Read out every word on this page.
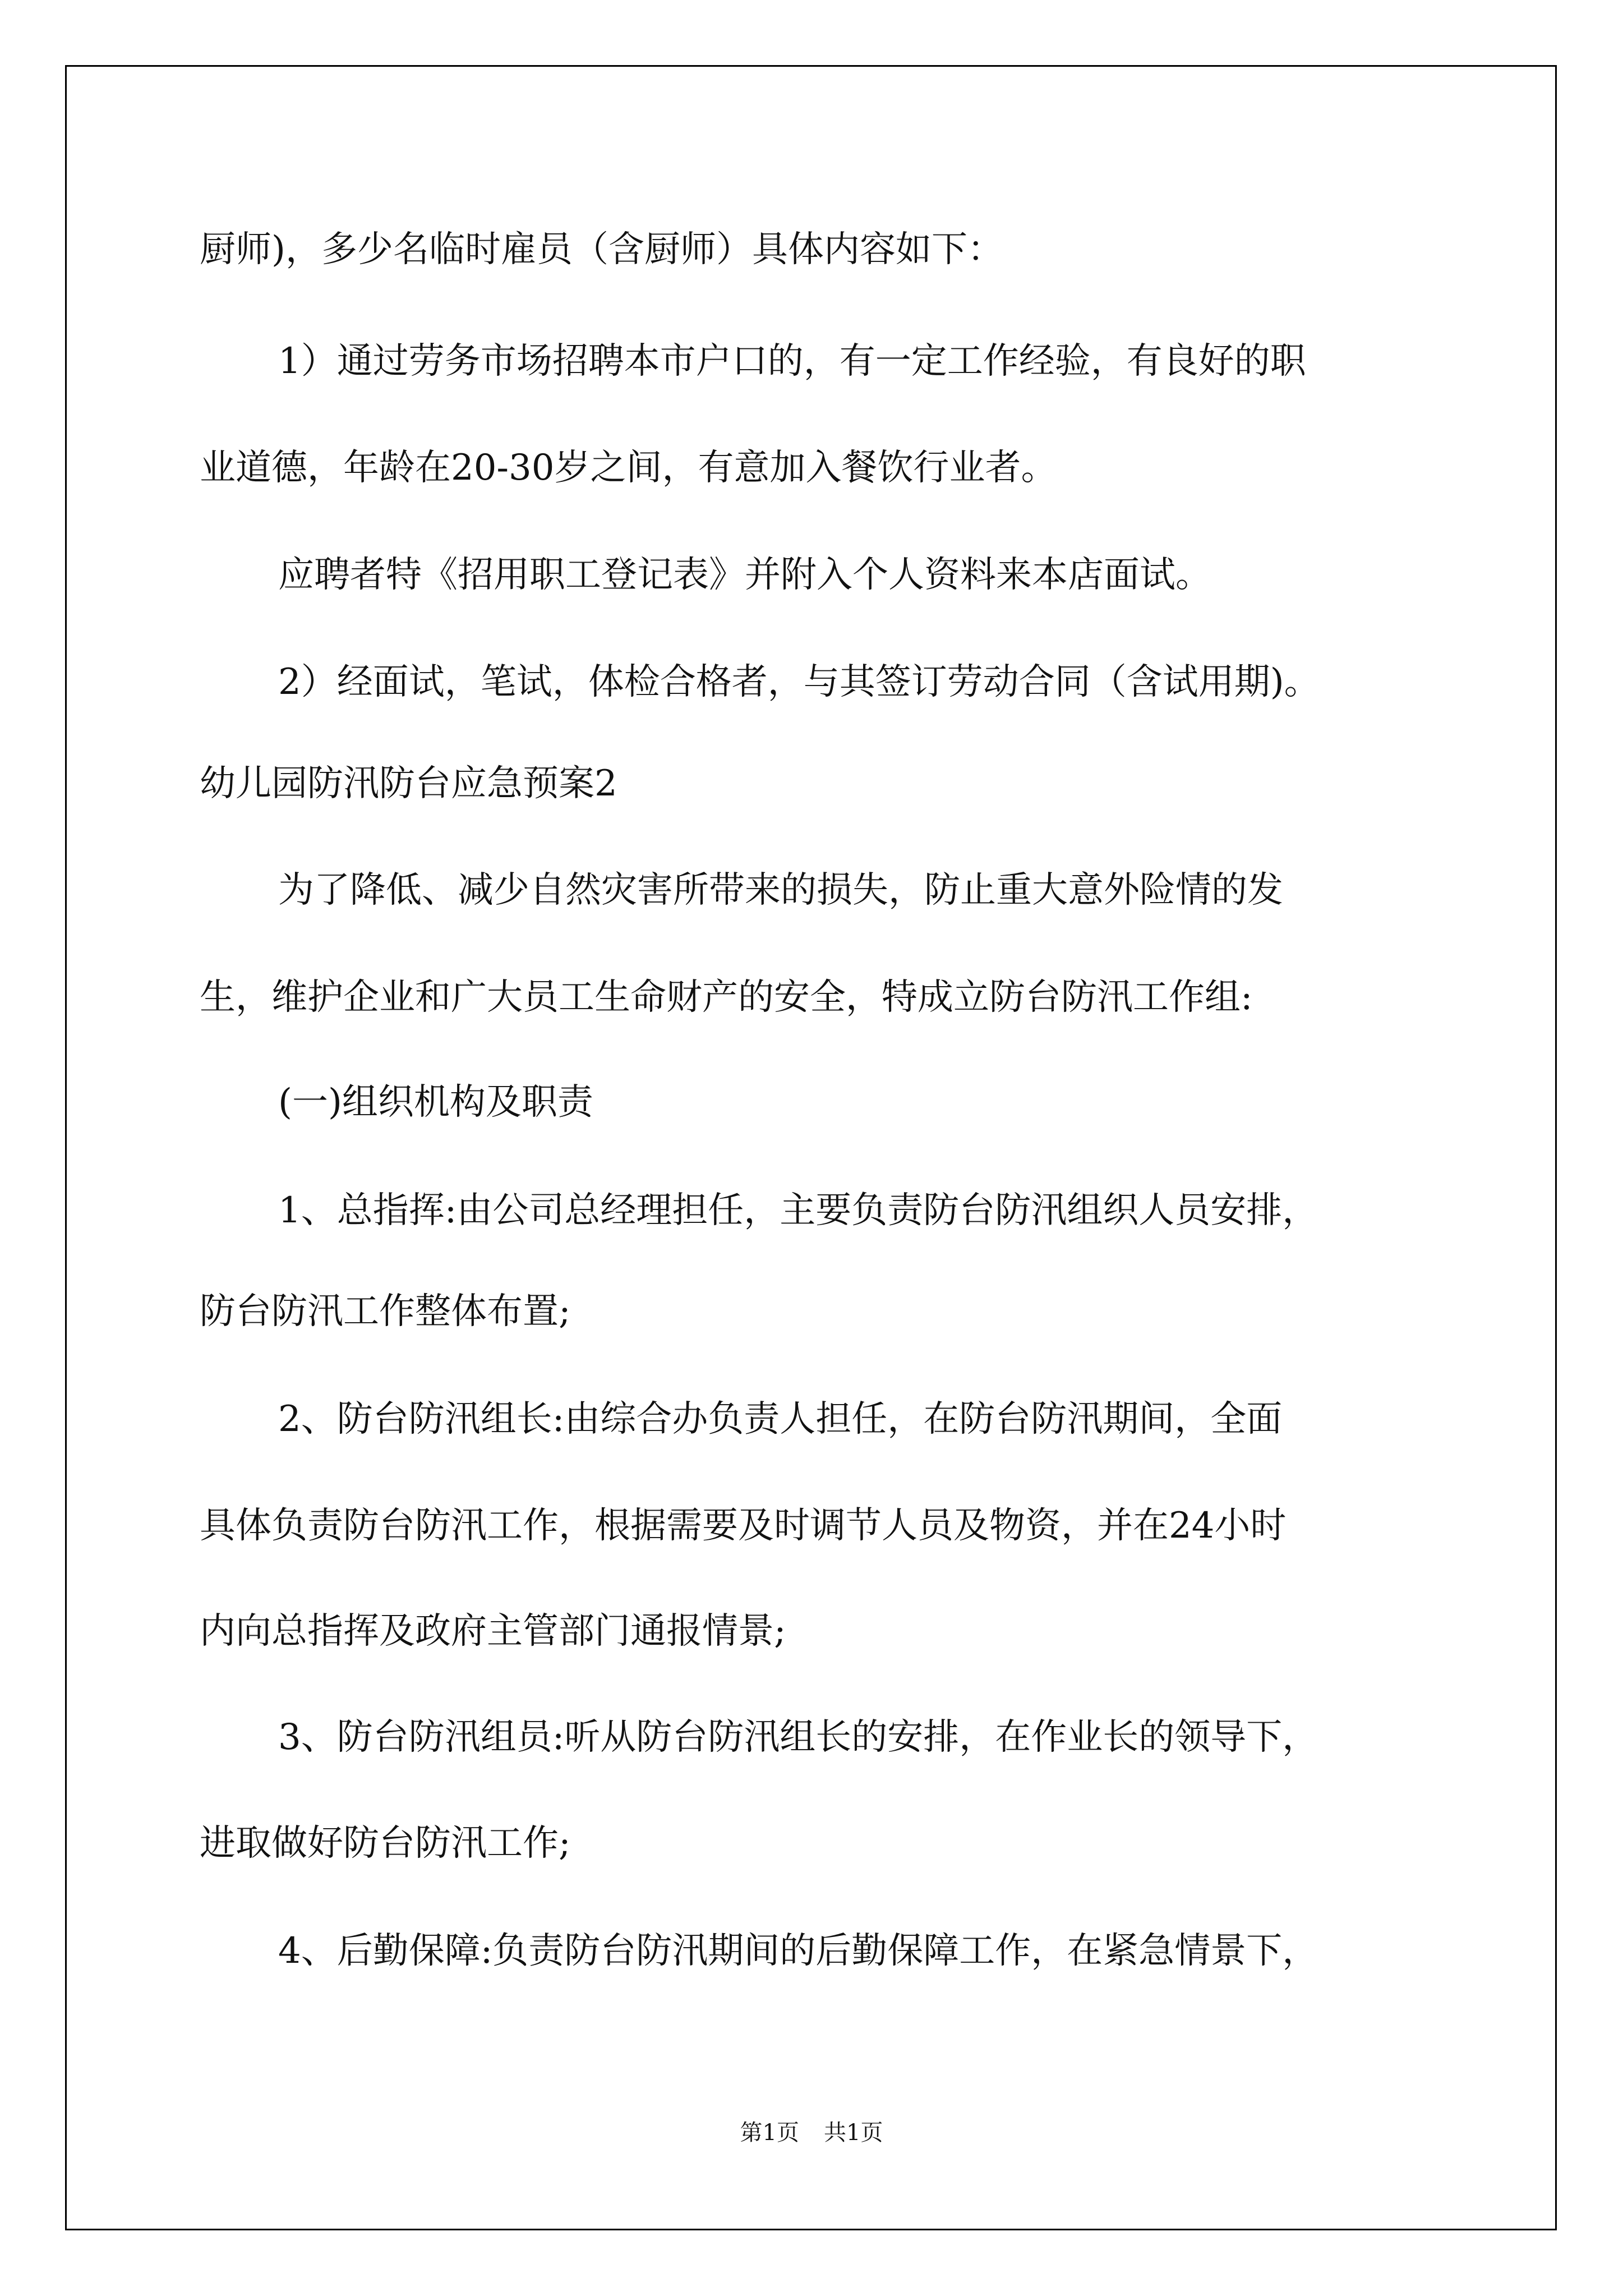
厨师)，多少名临时雇员（含厨师）具体内容如下：

1）通过劳务市场招聘本市户口的，有一定工作经验，有良好的职

业道德，年龄在20-30岁之间，有意加入餐饮行业者。

应聘者特《招用职工登记表》并附入个人资料来本店面试。

2）经面试，笔试，体检合格者，与其签订劳动合同（含试用期)。

幼儿园防汛防台应急预案2

为了降低、减少自然灾害所带来的损失，防止重大意外险情的发

生，维护企业和广大员工生命财产的安全，特成立防台防汛工作组:

(一)组织机构及职责

1、总指挥:由公司总经理担任，主要负责防台防汛组织人员安排，

防台防汛工作整体布置;

2、防台防汛组长:由综合办负责人担任，在防台防汛期间，全面

具体负责防台防汛工作，根据需要及时调节人员及物资，并在24小时

内向总指挥及政府主管部门通报情景;

3、防台防汛组员:听从防台防汛组长的安排，在作业长的领导下，

进取做好防台防汛工作;

4、后勤保障:负责防台防汛期间的后勤保障工作，在紧急情景下，

第1页 共1页
